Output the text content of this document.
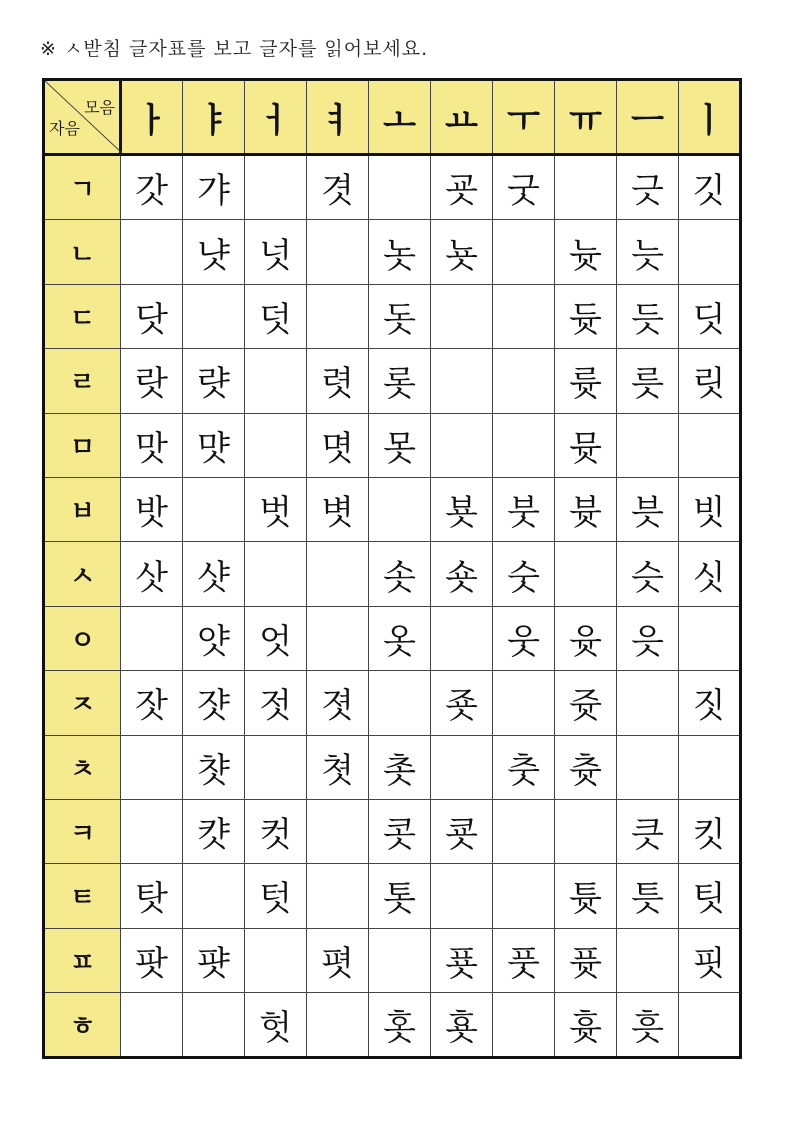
※ ㅅ받침 글자표를 보고 글자를 읽어보세요.
모음
자음	ㅏ	ㅑ	ㅓ	ㅕ	ㅗ	ㅛ	ㅜ	ㅠ	ㅡ	ㅣ
ㄱ	갓	갸		겻		굣	굿		긋	깃
ㄴ		냣	넛		놋	뇻		늇	늣	
ㄷ	닷		덧		돗			듓	듯	딧
ㄹ	랏	럇		렷	롯			륫	릇	릿
ㅁ	맛	먓		몃	못			뮷		
ㅂ	밧		벗	볏		뵷	붓	븃	븟	빗
ㅅ	삿	샷			솟	숏	숫		슷	싯
ㅇ		얏	엇		옷		웃	윳	읏	
ㅈ	잣	쟛	젓	졋		죳		쥿		짓
ㅊ		챳		쳣	촛		춧	츗		
ㅋ		캿	컷		콧	쿗			큿	킷
ㅌ	탓		텃		톳			튯	틋	팃
ㅍ	팟	퍗		폇		푯	풋	퓻		핏
ㅎ			헛		홋	횻		흇	흣	
